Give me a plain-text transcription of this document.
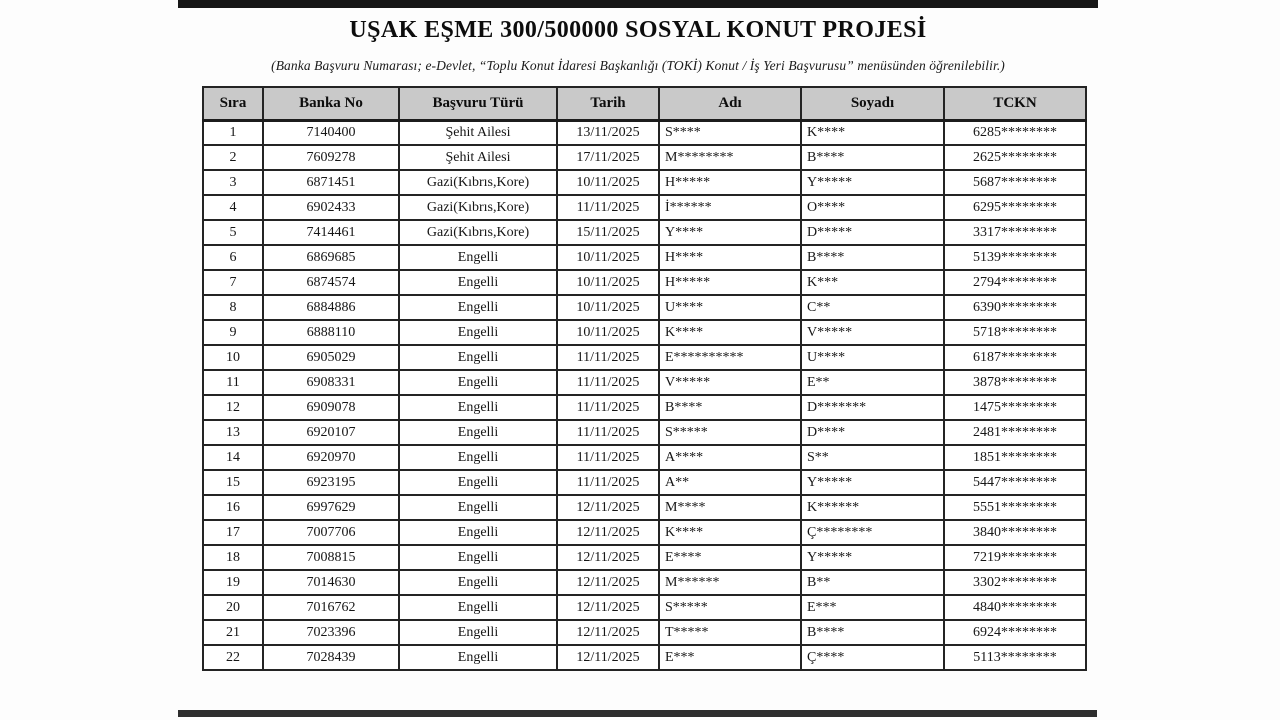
UŞAK EŞME 300/500000 SOSYAL KONUT PROJESİ
(Banka Başvuru Numarası; e-Devlet, “Toplu Konut İdaresi Başkanlığı (TOKİ) Konut / İş Yeri Başvurusu” menüsünden öğrenilebilir.)
Sıra	Banka No	Başvuru Türü	Tarih	Adı	Soyadı	TCKN
1	7140400	Şehit Ailesi	13/11/2025	S****	K****	6285********
2	7609278	Şehit Ailesi	17/11/2025	M********	B****	2625********
3	6871451	Gazi(Kıbrıs,Kore)	10/11/2025	H*****	Y*****	5687********
4	6902433	Gazi(Kıbrıs,Kore)	11/11/2025	İ******	O****	6295********
5	7414461	Gazi(Kıbrıs,Kore)	15/11/2025	Y****	D*****	3317********
6	6869685	Engelli	10/11/2025	H****	B****	5139********
7	6874574	Engelli	10/11/2025	H*****	K***	2794********
8	6884886	Engelli	10/11/2025	U****	C**	6390********
9	6888110	Engelli	10/11/2025	K****	V*****	5718********
10	6905029	Engelli	11/11/2025	E**********	U****	6187********
11	6908331	Engelli	11/11/2025	V*****	E**	3878********
12	6909078	Engelli	11/11/2025	B****	D*******	1475********
13	6920107	Engelli	11/11/2025	S*****	D****	2481********
14	6920970	Engelli	11/11/2025	A****	S**	1851********
15	6923195	Engelli	11/11/2025	A**	Y*****	5447********
16	6997629	Engelli	12/11/2025	M****	K******	5551********
17	7007706	Engelli	12/11/2025	K****	Ç********	3840********
18	7008815	Engelli	12/11/2025	E****	Y*****	7219********
19	7014630	Engelli	12/11/2025	M******	B**	3302********
20	7016762	Engelli	12/11/2025	S*****	E***	4840********
21	7023396	Engelli	12/11/2025	T*****	B****	6924********
22	7028439	Engelli	12/11/2025	E***	Ç****	5113********
